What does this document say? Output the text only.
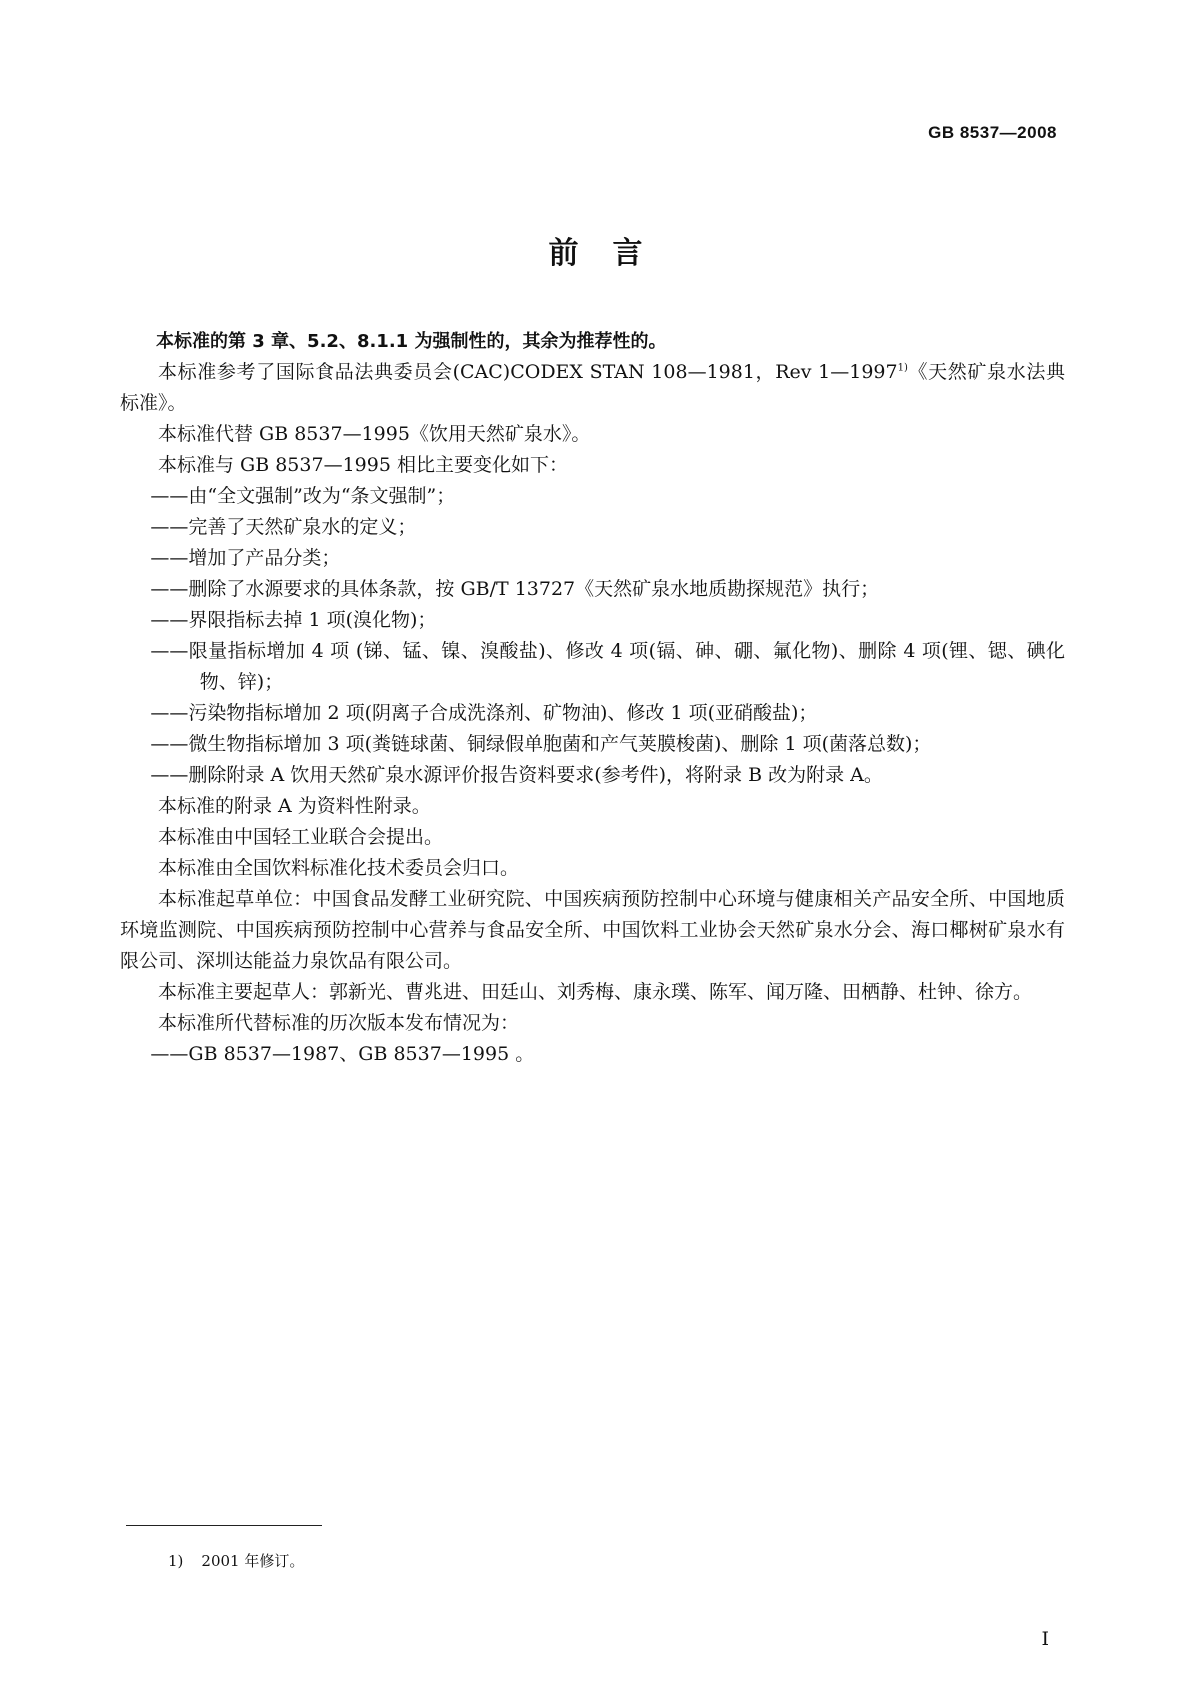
GB 8537—2008
前言

本标准的第 3 章、5.2、8.1.1 为强制性的，其余为推荐性的。

本标准参考了国际食品法典委员会(CAC)CODEX STAN 108—1981，Rev 1—1997$^{1)}$《天然矿泉水法典标准》。

本标准代替 GB 8537—1995《饮用天然矿泉水》。

本标准与 GB 8537—1995 相比主要变化如下：

——由“全文强制”改为“条文强制”；

——完善了天然矿泉水的定义；

——增加了产品分类；

——删除了水源要求的具体条款，按 GB/T 13727《天然矿泉水地质勘探规范》执行；

——界限指标去掉 1 项(溴化物)；

——限量指标增加 4 项 (锑、锰、镍、溴酸盐)、修改 4 项(镉、砷、硼、氟化物)、删除 4 项(锂、锶、碘化物、锌)；

——污染物指标增加 2 项(阴离子合成洗涤剂、矿物油)、修改 1 项(亚硝酸盐)；

——微生物指标增加 3 项(粪链球菌、铜绿假单胞菌和产气荚膜梭菌)、删除 1 项(菌落总数)；

——删除附录 A 饮用天然矿泉水源评价报告资料要求(参考件)，将附录 B 改为附录 A。

本标准的附录 A 为资料性附录。

本标准由中国轻工业联合会提出。

本标准由全国饮料标准化技术委员会归口。

本标准起草单位：中国食品发酵工业研究院、中国疾病预防控制中心环境与健康相关产品安全所、中国地质环境监测院、中国疾病预防控制中心营养与食品安全所、中国饮料工业协会天然矿泉水分会、海口椰树矿泉水有限公司、深圳达能益力泉饮品有限公司。

本标准主要起草人：郭新光、曹兆进、田廷山、刘秀梅、康永璞、陈军、闻万隆、田栖静、杜钟、徐方。

本标准所代替标准的历次版本发布情况为：

——GB 8537—1987、GB 8537—1995 。

1) 2001 年修订。
I
